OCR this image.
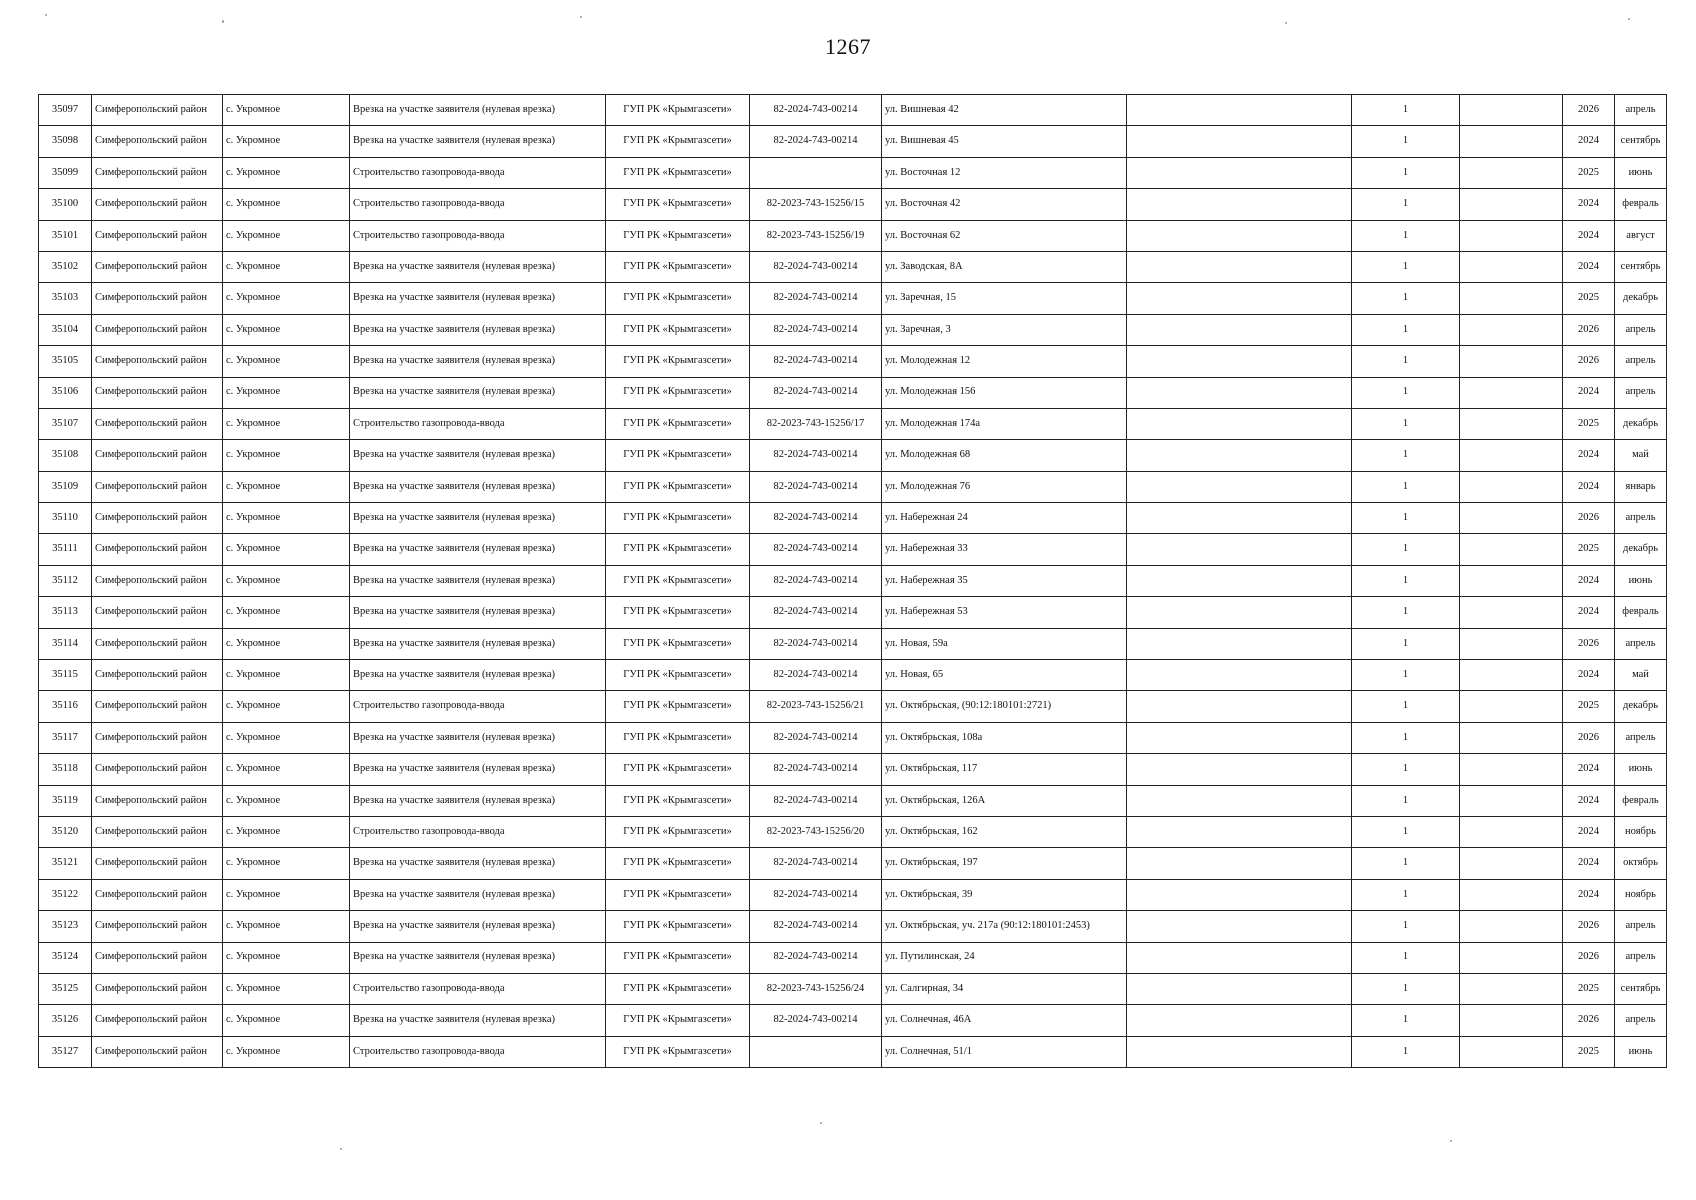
1267
35097	Симферопольский район	с. Укромное	Врезка на участке заявителя (нулевая врезка)	ГУП РК «Крымгазсети»	82-2024-743-00214	ул. Вишневая 42		1		2026	апрель
35098	Симферопольский район	с. Укромное	Врезка на участке заявителя (нулевая врезка)	ГУП РК «Крымгазсети»	82-2024-743-00214	ул. Вишневая 45		1		2024	сентябрь
35099	Симферопольский район	с. Укромное	Строительство газопровода-ввода	ГУП РК «Крымгазсети»		ул. Восточная 12		1		2025	июнь
35100	Симферопольский район	с. Укромное	Строительство газопровода-ввода	ГУП РК «Крымгазсети»	82-2023-743-15256/15	ул. Восточная 42		1		2024	февраль
35101	Симферопольский район	с. Укромное	Строительство газопровода-ввода	ГУП РК «Крымгазсети»	82-2023-743-15256/19	ул. Восточная 62		1		2024	август
35102	Симферопольский район	с. Укромное	Врезка на участке заявителя (нулевая врезка)	ГУП РК «Крымгазсети»	82-2024-743-00214	ул. Заводская, 8А		1		2024	сентябрь
35103	Симферопольский район	с. Укромное	Врезка на участке заявителя (нулевая врезка)	ГУП РК «Крымгазсети»	82-2024-743-00214	ул. Заречная, 15		1		2025	декабрь
35104	Симферопольский район	с. Укромное	Врезка на участке заявителя (нулевая врезка)	ГУП РК «Крымгазсети»	82-2024-743-00214	ул. Заречная, 3		1		2026	апрель
35105	Симферопольский район	с. Укромное	Врезка на участке заявителя (нулевая врезка)	ГУП РК «Крымгазсети»	82-2024-743-00214	ул. Молодежная 12		1		2026	апрель
35106	Симферопольский район	с. Укромное	Врезка на участке заявителя (нулевая врезка)	ГУП РК «Крымгазсети»	82-2024-743-00214	ул. Молодежная 156		1		2024	апрель
35107	Симферопольский район	с. Укромное	Строительство газопровода-ввода	ГУП РК «Крымгазсети»	82-2023-743-15256/17	ул. Молодежная 174а		1		2025	декабрь
35108	Симферопольский район	с. Укромное	Врезка на участке заявителя (нулевая врезка)	ГУП РК «Крымгазсети»	82-2024-743-00214	ул. Молодежная 68		1		2024	май
35109	Симферопольский район	с. Укромное	Врезка на участке заявителя (нулевая врезка)	ГУП РК «Крымгазсети»	82-2024-743-00214	ул. Молодежная 76		1		2024	январь
35110	Симферопольский район	с. Укромное	Врезка на участке заявителя (нулевая врезка)	ГУП РК «Крымгазсети»	82-2024-743-00214	ул. Набережная 24		1		2026	апрель
35111	Симферопольский район	с. Укромное	Врезка на участке заявителя (нулевая врезка)	ГУП РК «Крымгазсети»	82-2024-743-00214	ул. Набережная 33		1		2025	декабрь
35112	Симферопольский район	с. Укромное	Врезка на участке заявителя (нулевая врезка)	ГУП РК «Крымгазсети»	82-2024-743-00214	ул. Набережная 35		1		2024	июнь
35113	Симферопольский район	с. Укромное	Врезка на участке заявителя (нулевая врезка)	ГУП РК «Крымгазсети»	82-2024-743-00214	ул. Набережная 53		1		2024	февраль
35114	Симферопольский район	с. Укромное	Врезка на участке заявителя (нулевая врезка)	ГУП РК «Крымгазсети»	82-2024-743-00214	ул. Новая, 59а		1		2026	апрель
35115	Симферопольский район	с. Укромное	Врезка на участке заявителя (нулевая врезка)	ГУП РК «Крымгазсети»	82-2024-743-00214	ул. Новая, 65		1		2024	май
35116	Симферопольский район	с. Укромное	Строительство газопровода-ввода	ГУП РК «Крымгазсети»	82-2023-743-15256/21	ул. Октябрьская, (90:12:180101:2721)		1		2025	декабрь
35117	Симферопольский район	с. Укромное	Врезка на участке заявителя (нулевая врезка)	ГУП РК «Крымгазсети»	82-2024-743-00214	ул. Октябрьская, 108а		1		2026	апрель
35118	Симферопольский район	с. Укромное	Врезка на участке заявителя (нулевая врезка)	ГУП РК «Крымгазсети»	82-2024-743-00214	ул. Октябрьская, 117		1		2024	июнь
35119	Симферопольский район	с. Укромное	Врезка на участке заявителя (нулевая врезка)	ГУП РК «Крымгазсети»	82-2024-743-00214	ул. Октябрьская, 126А		1		2024	февраль
35120	Симферопольский район	с. Укромное	Строительство газопровода-ввода	ГУП РК «Крымгазсети»	82-2023-743-15256/20	ул. Октябрьская, 162		1		2024	ноябрь
35121	Симферопольский район	с. Укромное	Врезка на участке заявителя (нулевая врезка)	ГУП РК «Крымгазсети»	82-2024-743-00214	ул. Октябрьская, 197		1		2024	октябрь
35122	Симферопольский район	с. Укромное	Врезка на участке заявителя (нулевая врезка)	ГУП РК «Крымгазсети»	82-2024-743-00214	ул. Октябрьская, 39		1		2024	ноябрь
35123	Симферопольский район	с. Укромное	Врезка на участке заявителя (нулевая врезка)	ГУП РК «Крымгазсети»	82-2024-743-00214	ул. Октябрьская, уч. 217а (90:12:180101:2453)		1		2026	апрель
35124	Симферопольский район	с. Укромное	Врезка на участке заявителя (нулевая врезка)	ГУП РК «Крымгазсети»	82-2024-743-00214	ул. Путилинская, 24		1		2026	апрель
35125	Симферопольский район	с. Укромное	Строительство газопровода-ввода	ГУП РК «Крымгазсети»	82-2023-743-15256/24	ул. Салгирная, 34		1		2025	сентябрь
35126	Симферопольский район	с. Укромное	Врезка на участке заявителя (нулевая врезка)	ГУП РК «Крымгазсети»	82-2024-743-00214	ул. Солнечная, 46А		1		2026	апрель
35127	Симферопольский район	с. Укромное	Строительство газопровода-ввода	ГУП РК «Крымгазсети»		ул. Солнечная, 51/1		1		2025	июнь
